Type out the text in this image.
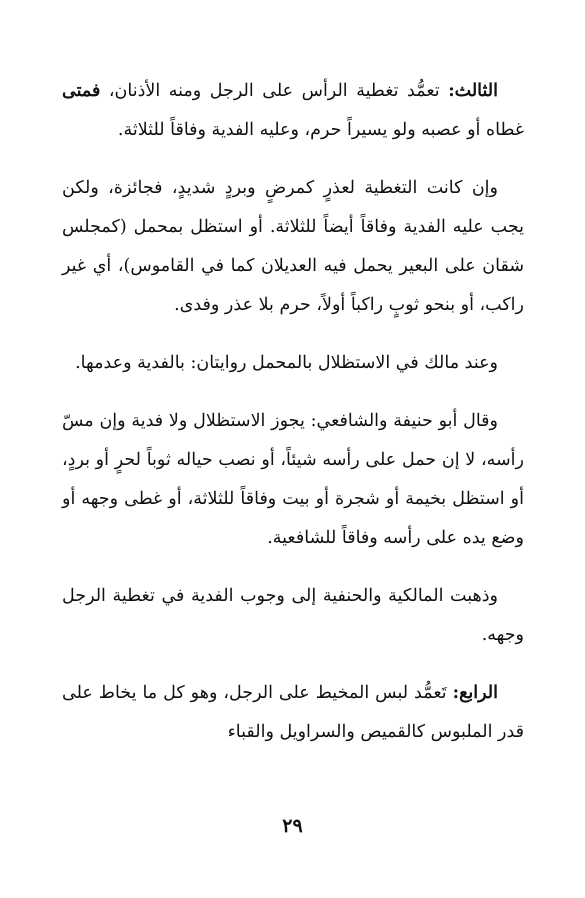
الثالث: تعمُّد تغطية الرأس على الرجل ومنه الأذنان، فمتى غطاه أو عصبه ولو يسيراً حرم، وعليه الفدية وفاقاً للثلاثة.

وإن كانت التغطية لعذرٍ كمرضٍ وبردٍ شديدٍ، فجائزة، ولكن يجب عليه الفدية وفاقاً أيضاً للثلاثة. أو استظل بمحمل (كمجلس شقان على البعير يحمل فيه العديلان كما في القاموس)، أي غير راكب، أو بنحو ثوبٍ راكباً أولاً، حرم بلا عذر وفدى.

وعند مالك في الاستظلال بالمحمل روايتان: بالفدية وعدمها.

وقال أبو حنيفة والشافعي: يجوز الاستظلال ولا فدية وإن مسّ رأسه، لا إن حمل على رأسه شيئاً، أو نصب حياله ثوباً لحرٍ أو بردٍ، أو استظل بخيمة أو شجرة أو بيت وفاقاً للثلاثة، أو غطى وجهه أو وضع يده على رأسه وفاقاً للشافعية.

وذهبت المالكية والحنفية إلى وجوب الفدية في تغطية الرجل وجهه.

الرابع: تَعمُّد لبس المخيط على الرجل، وهو كل ما يخاط على قدر الملبوس كالقميص والسراويل والقباء

٢٩
